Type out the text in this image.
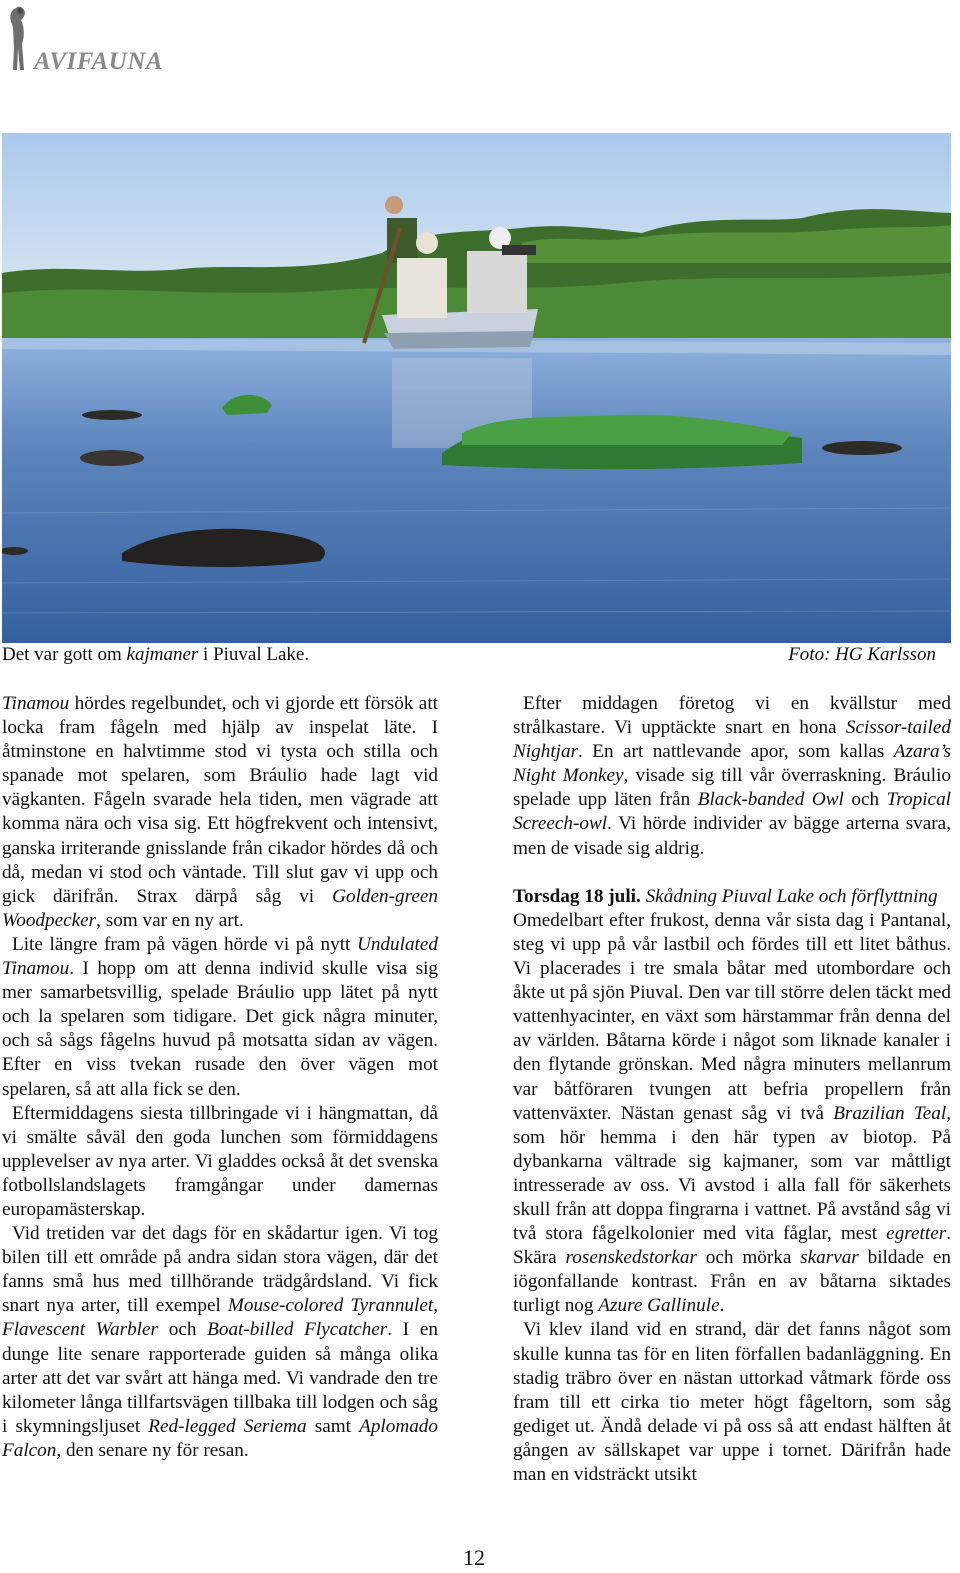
AVIFAUNA
Det var gott om kajmaner i Piuval Lake.	Foto: HG Karlsson

Tinamou hördes regelbundet, och vi gjorde ett försök att locka fram fågeln med hjälp av inspelat läte. I åtminstone en halvtimme stod vi tysta och stilla och spanade mot spelaren, som Bráulio hade lagt vid vägkanten. Fågeln svarade hela tiden, men vägrade att komma nära och visa sig. Ett högfrekvent och intensivt, ganska irriterande gnisslande från cikador hördes då och då, medan vi stod och väntade. Till slut gav vi upp och gick därifrån. Strax därpå såg vi Golden-green Woodpecker, som var en ny art.

Lite längre fram på vägen hörde vi på nytt Undulated Tinamou. I hopp om att denna individ skulle visa sig mer samarbetsvillig, spelade Bráulio upp lätet på nytt och la spelaren som tidigare. Det gick några minuter, och så sågs fågelns huvud på motsatta sidan av vägen. Efter en viss tvekan rusade den över vägen mot spelaren, så att alla fick se den.

Eftermiddagens siesta tillbringade vi i hängmattan, då vi smälte såväl den goda lunchen som förmiddagens upplevelser av nya arter. Vi gladdes också åt det svenska fotbollslandslagets framgångar under damernas europamästerskap.

Vid tretiden var det dags för en skådartur igen. Vi tog bilen till ett område på andra sidan stora vägen, där det fanns små hus med tillhörande trädgårdsland. Vi fick snart nya arter, till exempel Mouse-colored Tyrannulet, Flavescent Warbler och Boat-billed Flycatcher. I en dunge lite senare rapporterade guiden så många olika arter att det var svårt att hänga med. Vi vandrade den tre kilometer långa tillfartsvägen tillbaka till lodgen och såg i skymningsljuset Red-legged Seriema samt Aplomado Falcon, den senare ny för resan.

Efter middagen företog vi en kvällstur med strålkastare. Vi upptäckte snart en hona Scissor-tailed Nightjar. En art nattlevande apor, som kallas Azara’s Night Monkey, visade sig till vår överraskning. Bráulio spelade upp läten från Black-banded Owl och Tropical Screech-owl. Vi hörde individer av bägge arterna svara, men de visade sig aldrig.

Torsdag 18 juli. Skådning Piuval Lake och förflyttning

Omedelbart efter frukost, denna vår sista dag i Pantanal, steg vi upp på vår lastbil och fördes till ett litet båthus. Vi placerades i tre smala båtar med utombordare och åkte ut på sjön Piuval. Den var till större delen täckt med vattenhyacinter, en växt som härstammar från denna del av världen. Båtarna körde i något som liknade kanaler i den flytande grönskan. Med några minuters mellanrum var båtföraren tvungen att befria propellern från vattenväxter. Nästan genast såg vi två Brazilian Teal, som hör hemma i den här typen av biotop. På dybankarna vältrade sig kajmaner, som var måttligt intresserade av oss. Vi avstod i alla fall för säkerhets skull från att doppa fingrarna i vattnet. På avstånd såg vi två stora fågelkolonier med vita fåglar, mest egretter. Skära rosenskedstorkar och mörka skarvar bildade en iögonfallande kontrast. Från en av båtarna siktades turligt nog Azure Gallinule.

Vi klev iland vid en strand, där det fanns något som skulle kunna tas för en liten förfallen badanläggning. En stadig träbro över en nästan uttorkad våtmark förde oss fram till ett cirka tio meter högt fågeltorn, som såg gediget ut. Ändå delade vi på oss så att endast hälften åt gången av sällskapet var uppe i tornet. Därifrån hade man en vidsträckt utsikt

12
